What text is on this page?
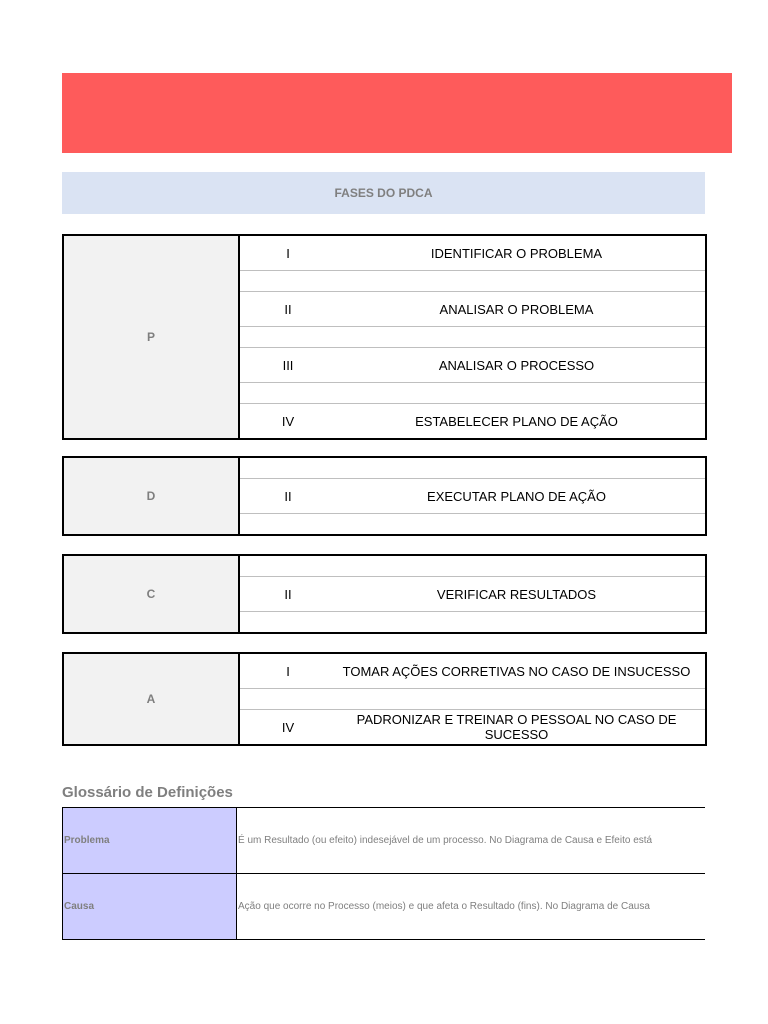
FASES DO PDCA
P
I	IDENTIFICAR O PROBLEMA
II	ANALISAR O PROBLEMA
III	ANALISAR O PROCESSO
IV	ESTABELECER PLANO DE AÇÃO
D	II	EXECUTAR PLANO DE AÇÃO
C	II	VERIFICAR RESULTADOS
A
I	TOMAR AÇÕES CORRETIVAS NO CASO DE INSUCESSO
IV	PADRONIZAR E TREINAR O PESSOAL NO CASO DE SUCESSO
Glossário de Definições
Problema	É um Resultado (ou efeito) indesejável de um processo. No Diagrama de Causa e Efeito está
Causa	Ação que ocorre no Processo (meios) e que afeta o Resultado (fins). No Diagrama de Causa
